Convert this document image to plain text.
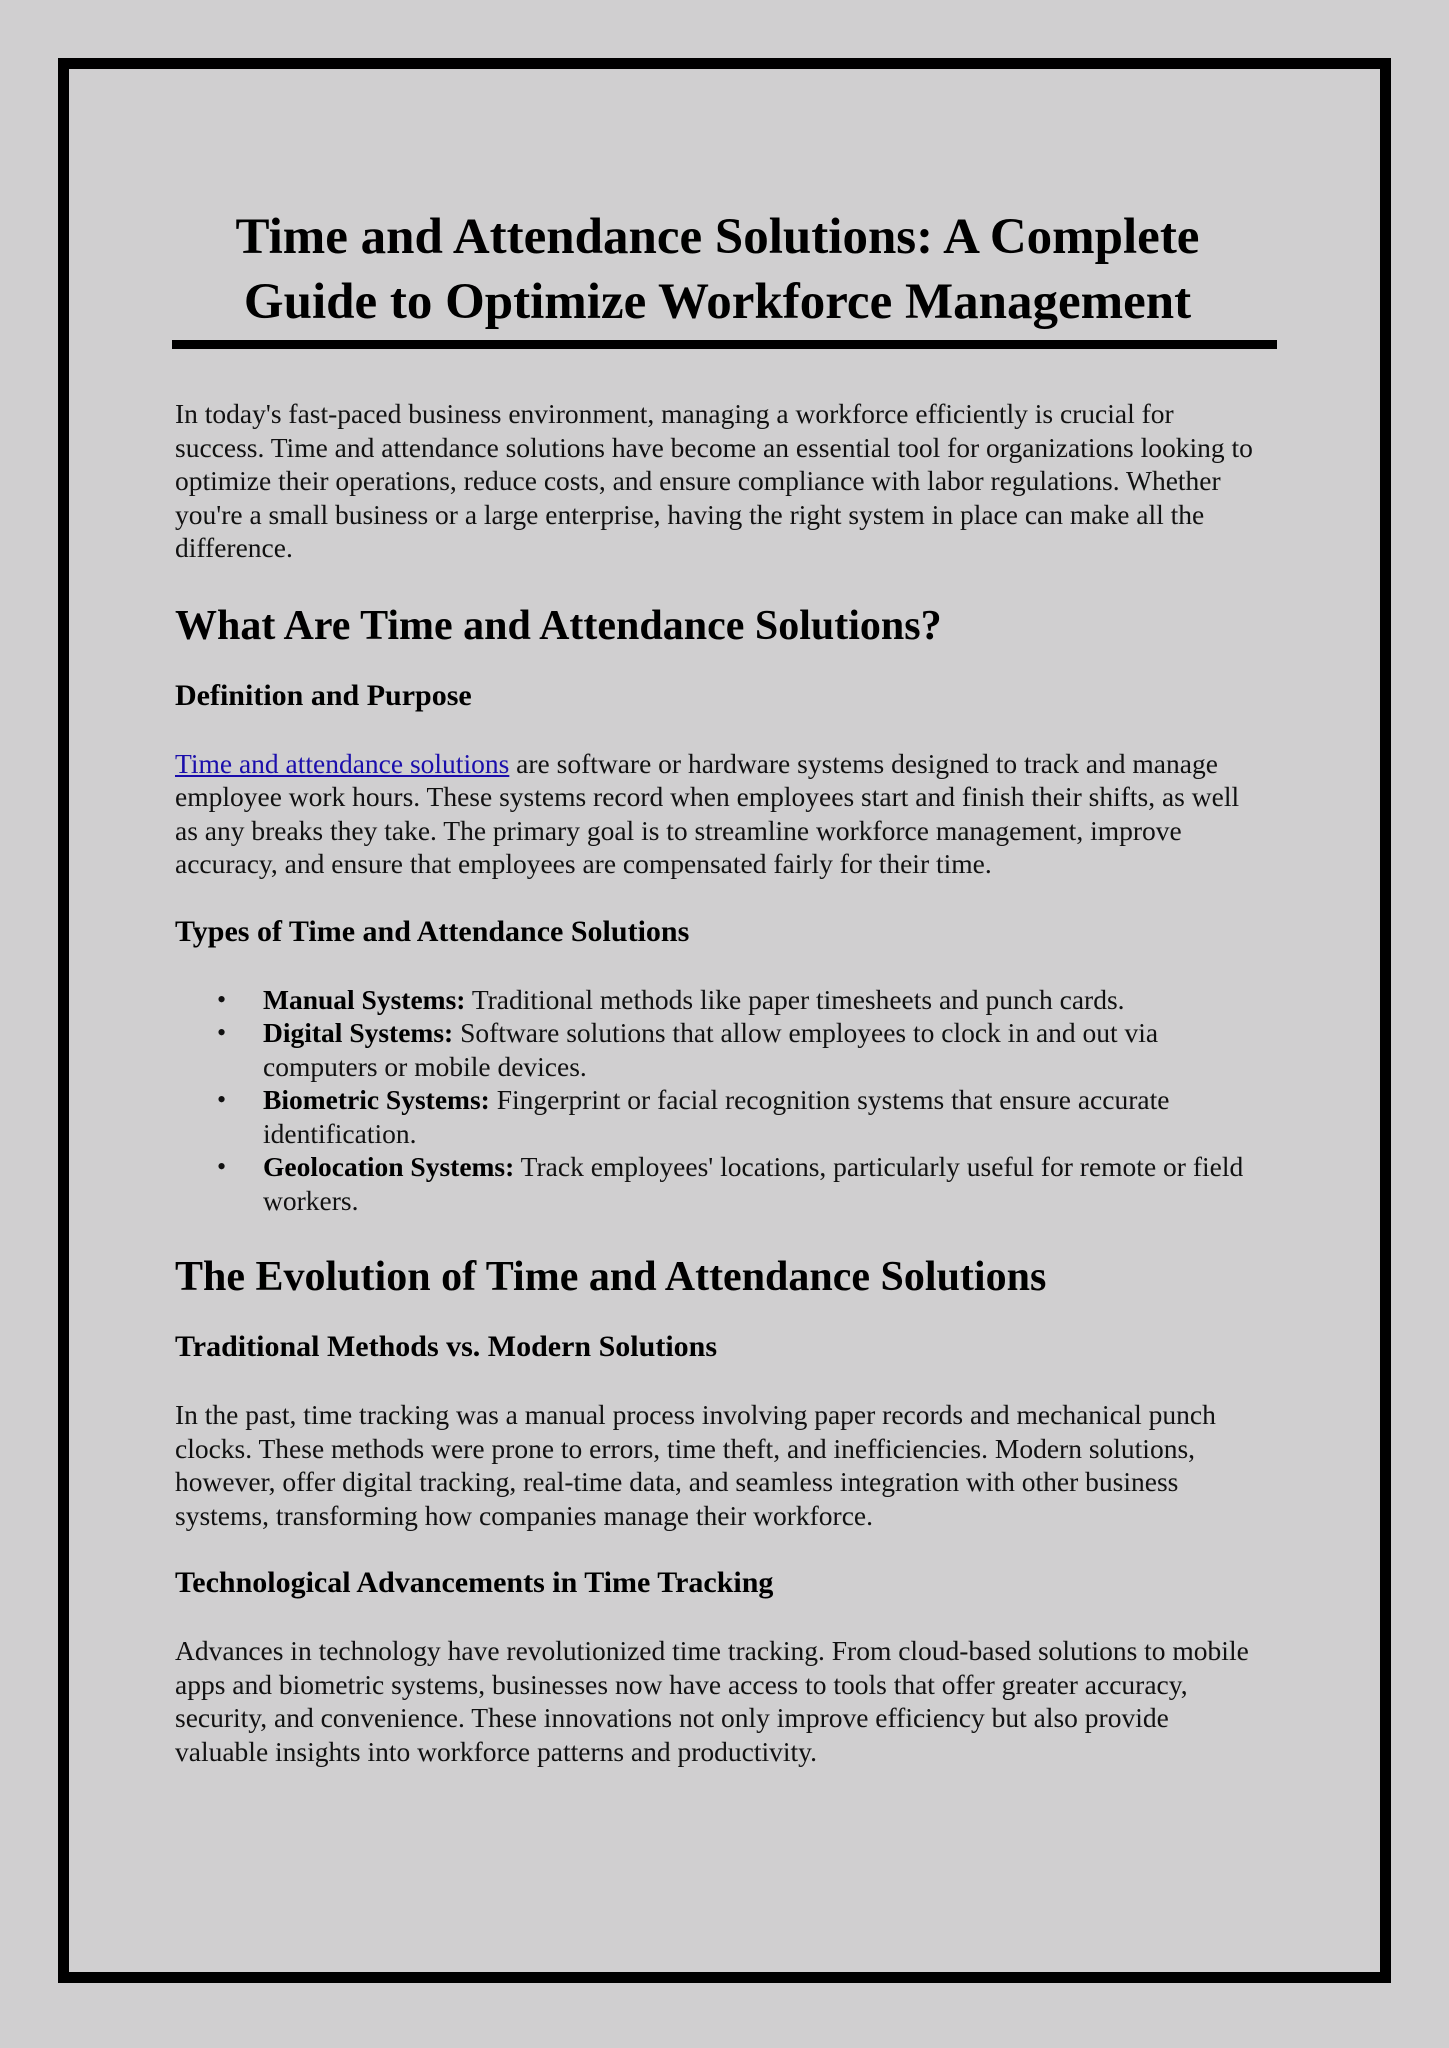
Time and Attendance Solutions: A Complete Guide to Optimize Workforce Management

In today's fast-paced business environment, managing a workforce efficiently is crucial for success. Time and attendance solutions have become an essential tool for organizations looking to optimize their operations, reduce costs, and ensure compliance with labor regulations. Whether you're a small business or a large enterprise, having the right system in place can make all the difference.

What Are Time and Attendance Solutions?
Definition and Purpose

Time and attendance solutions are software or hardware systems designed to track and manage employee work hours. These systems record when employees start and finish their shifts, as well as any breaks they take. The primary goal is to streamline workforce management, improve accuracy, and ensure that employees are compensated fairly for their time.

Types of Time and Attendance Solutions
• Manual Systems: Traditional methods like paper timesheets and punch cards.
• Digital Systems: Software solutions that allow employees to clock in and out via computers or mobile devices.
• Biometric Systems: Fingerprint or facial recognition systems that ensure accurate identification.
• Geolocation Systems: Track employees' locations, particularly useful for remote or field workers.
The Evolution of Time and Attendance Solutions
Traditional Methods vs. Modern Solutions

In the past, time tracking was a manual process involving paper records and mechanical punch clocks. These methods were prone to errors, time theft, and inefficiencies. Modern solutions, however, offer digital tracking, real-time data, and seamless integration with other business systems, transforming how companies manage their workforce.

Technological Advancements in Time Tracking

Advances in technology have revolutionized time tracking. From cloud-based solutions to mobile apps and biometric systems, businesses now have access to tools that offer greater accuracy, security, and convenience. These innovations not only improve efficiency but also provide valuable insights into workforce patterns and productivity.
